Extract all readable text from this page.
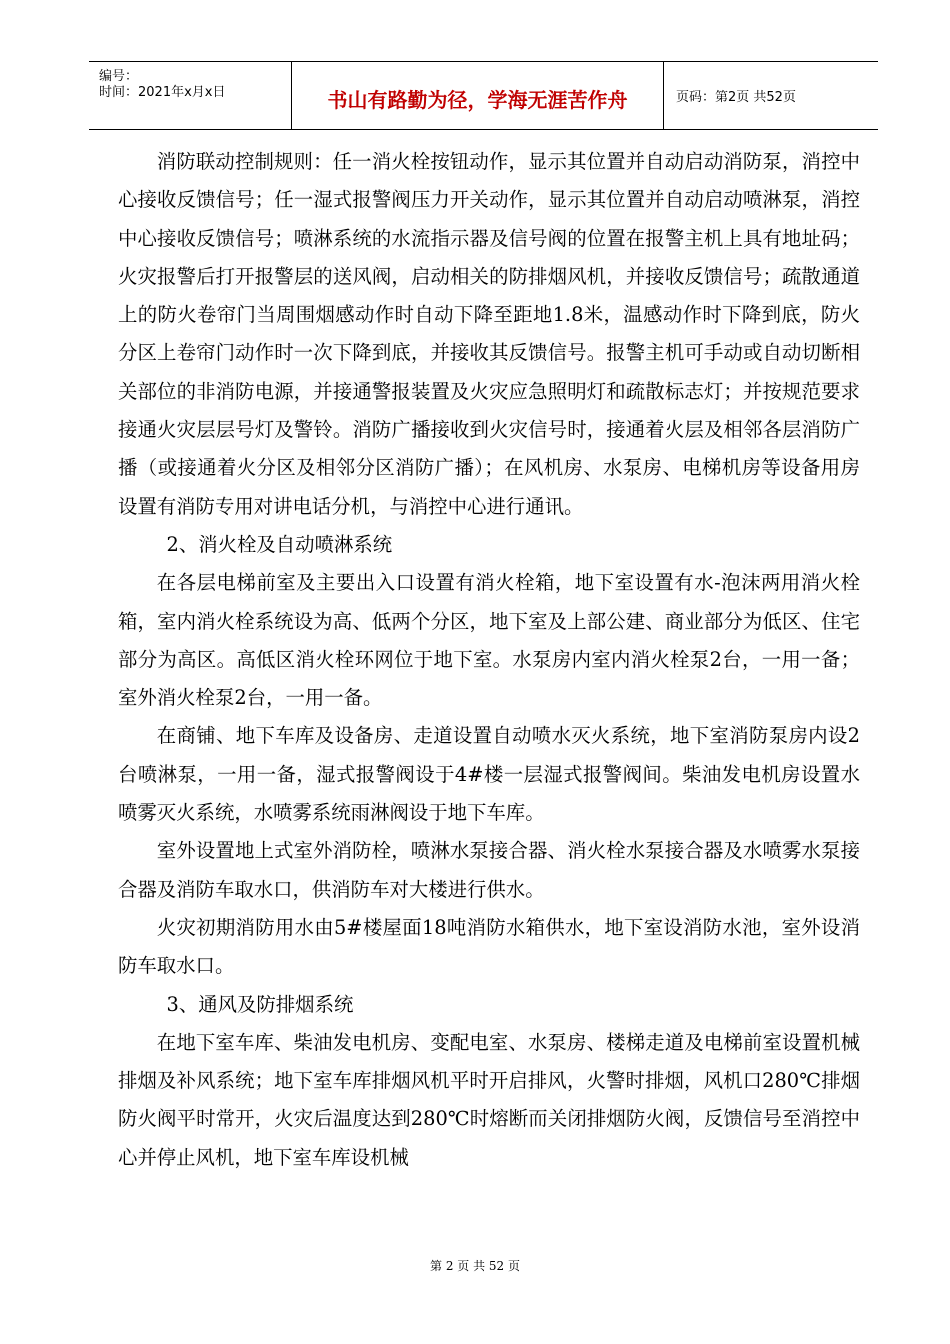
编号：
时间：2021年x月x日	书山有路勤为径，学海无涯苦作舟	页码：第2页 共52页

消防联动控制规则：任一消火栓按钮动作，显示其位置并自动启动消防泵，消控中心接收反馈信号；任一湿式报警阀压力开关动作，显示其位置并自动启动喷淋泵，消控中心接收反馈信号；喷淋系统的水流指示器及信号阀的位置在报警主机上具有地址码；火灾报警后打开报警层的送风阀，启动相关的防排烟风机，并接收反馈信号；疏散通道上的防火卷帘门当周围烟感动作时自动下降至距地1.8米，温感动作时下降到底，防火分区上卷帘门动作时一次下降到底，并接收其反馈信号。报警主机可手动或自动切断相关部位的非消防电源，并接通警报装置及火灾应急照明灯和疏散标志灯；并按规范要求接通火灾层层号灯及警铃。消防广播接收到火灾信号时，接通着火层及相邻各层消防广播（或接通着火分区及相邻分区消防广播）；在风机房、水泵房、电梯机房等设备用房设置有消防专用对讲电话分机，与消控中心进行通讯。

2、消火栓及自动喷淋系统

在各层电梯前室及主要出入口设置有消火栓箱，地下室设置有水-泡沫两用消火栓箱，室内消火栓系统设为高、低两个分区，地下室及上部公建、商业部分为低区、住宅部分为高区。高低区消火栓环网位于地下室。水泵房内室内消火栓泵2台，一用一备；室外消火栓泵2台，一用一备。

在商铺、地下车库及设备房、走道设置自动喷水灭火系统，地下室消防泵房内设2台喷淋泵，一用一备，湿式报警阀设于4#楼一层湿式报警阀间。柴油发电机房设置水喷雾灭火系统，水喷雾系统雨淋阀设于地下车库。

室外设置地上式室外消防栓，喷淋水泵接合器、消火栓水泵接合器及水喷雾水泵接合器及消防车取水口，供消防车对大楼进行供水。

火灾初期消防用水由5#楼屋面18吨消防水箱供水，地下室设消防水池，室外设消防车取水口。

3、通风及防排烟系统

在地下室车库、柴油发电机房、变配电室、水泵房、楼梯走道及电梯前室设置机械排烟及补风系统；地下室车库排烟风机平时开启排风，火警时排烟，风机口280℃排烟防火阀平时常开，火灾后温度达到280℃时熔断而关闭排烟防火阀，反馈信号至消控中心并停止风机，地下室车库设机械

第 2 页 共 52 页
